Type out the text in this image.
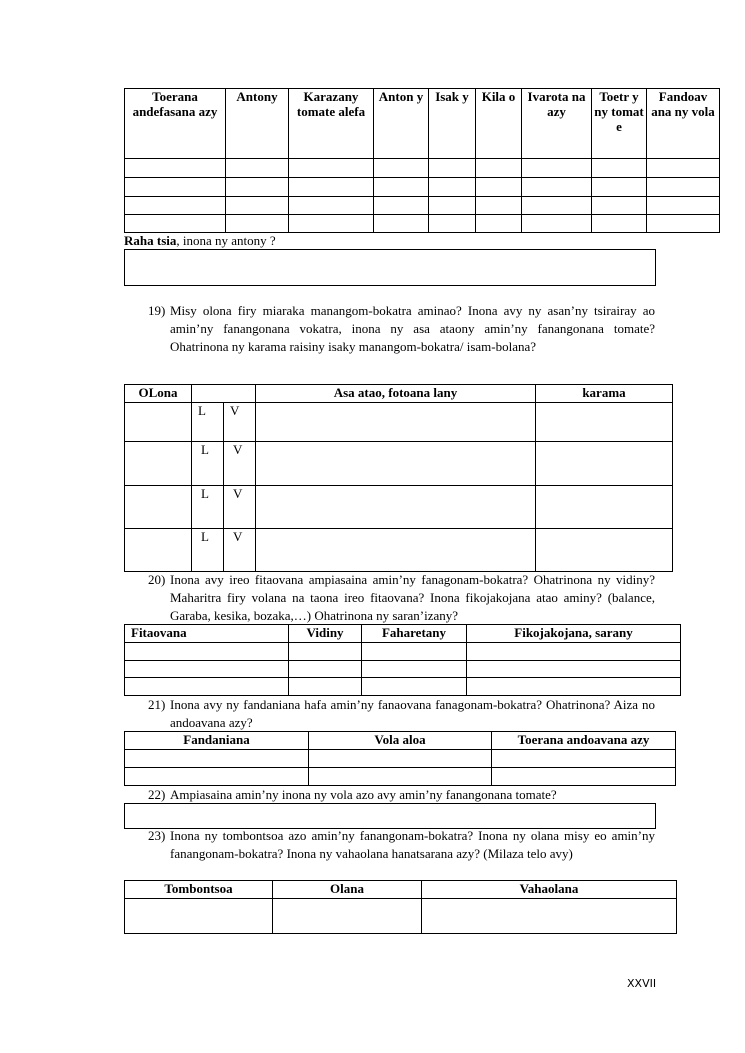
Toerana andefasana azy	Antony	Karazany tomate alefa	Anton y	Isak y	Kila o	Ivarota na azy	Toetr y ny tomat e	Fandoav ana ny vola

Raha tsia, inona ny antony ?
19) Misy olona firy miaraka manangom-bokatra aminao? Inona avy ny asan’ny tsirairay ao amin’ny fanangonana vokatra, inona ny asa ataony amin’ny fanangonana tomate? Ohatrinona ny karama raisiny isaky manangom-bokatra/ isam-bolana?
OLona			Asa atao, fotoana lany	karama
	L	V		
	L	V		
	L	V		
	L	V		
20) Inona avy ireo fitaovana ampiasaina amin’ny fanagonam-bokatra? Ohatrinona ny vidiny? Maharitra firy volana na taona ireo fitaovana? Inona fikojakojana atao aminy? (balance, Garaba, kesika, bozaka,…) Ohatrinona ny saran’izany?
Fitaovana	Vidiny	Faharetany	Fikojakojana, sarany

21) Inona avy ny fandaniana hafa amin’ny fanaovana fanagonam-bokatra? Ohatrinona? Aiza no andoavana azy?
Fandaniana	Vola aloa	Toerana andoavana azy

22) Ampiasaina amin’ny inona ny vola azo avy amin’ny fanangonana tomate?
23) Inona ny tombontsoa azo amin’ny fanangonam-bokatra? Inona ny olana misy eo amin’ny fanangonam-bokatra? Inona ny vahaolana hanatsarana azy? (Milaza telo avy)
Tombontsoa	Olana	Vahaolana

XXVII
